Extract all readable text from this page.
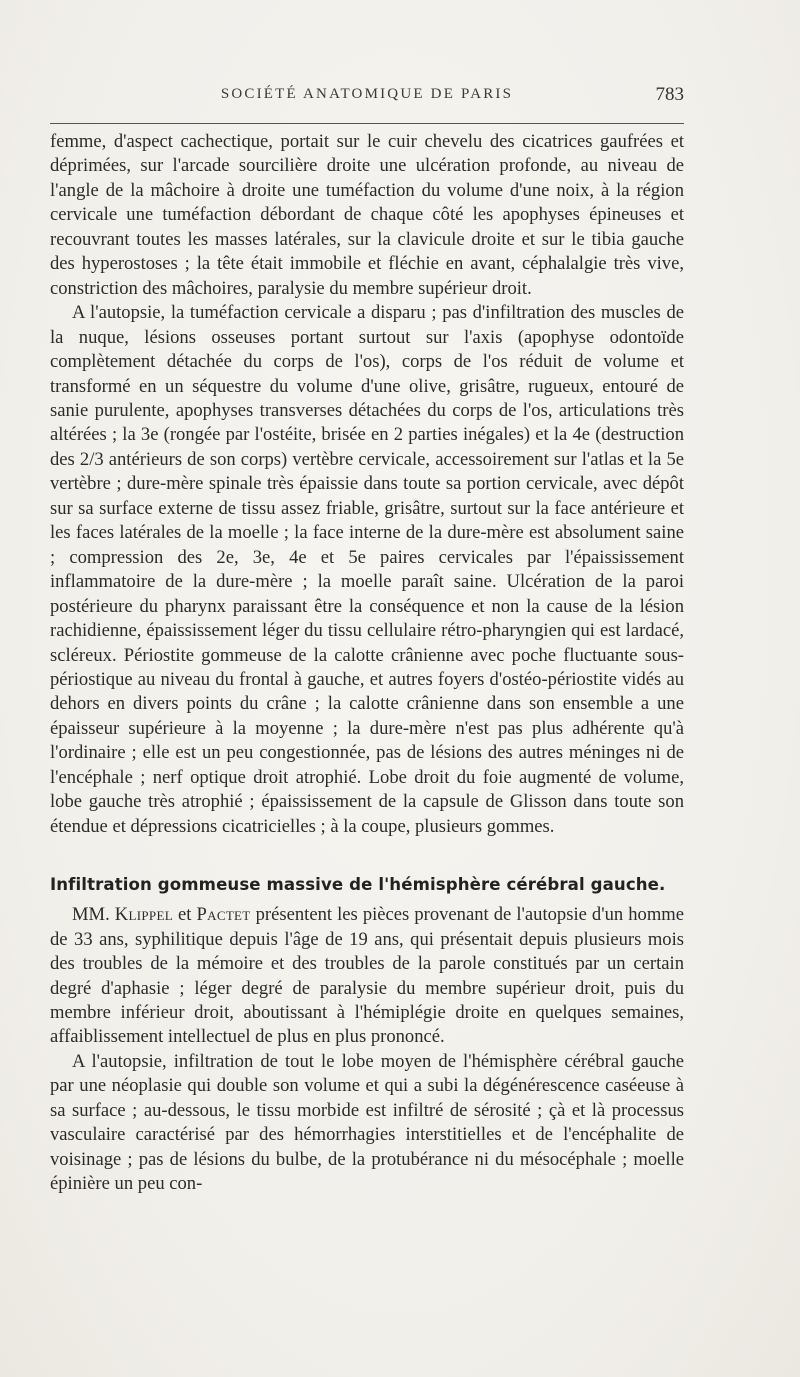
SOCIÉTÉ ANATOMIQUE DE PARIS	783

femme, d'aspect cachectique, portait sur le cuir chevelu des cicatrices gaufrées et déprimées, sur l'arcade sourcilière droite une ulcération profonde, au niveau de l'angle de la mâchoire à droite une tuméfaction du volume d'une noix, à la région cervicale une tuméfaction débordant de chaque côté les apophyses épineuses et recouvrant toutes les masses latérales, sur la clavicule droite et sur le tibia gauche des hyperostoses ; la tête était immobile et fléchie en avant, céphalalgie très vive, constriction des mâchoires, paralysie du membre supérieur droit.

A l'autopsie, la tuméfaction cervicale a disparu ; pas d'infiltration des muscles de la nuque, lésions osseuses portant surtout sur l'axis (apophyse odontoïde complètement détachée du corps de l'os), corps de l'os réduit de volume et transformé en un séquestre du volume d'une olive, grisâtre, rugueux, entouré de sanie purulente, apophyses transverses détachées du corps de l'os, articulations très altérées ; la 3e (rongée par l'ostéite, brisée en 2 parties inégales) et la 4e (destruction des 2/3 antérieurs de son corps) vertèbre cervicale, accessoirement sur l'atlas et la 5e vertèbre ; dure-mère spinale très épaissie dans toute sa portion cervicale, avec dépôt sur sa surface externe de tissu assez friable, grisâtre, surtout sur la face antérieure et les faces latérales de la moelle ; la face interne de la dure-mère est absolument saine ; compression des 2e, 3e, 4e et 5e paires cervicales par l'épaississement inflammatoire de la dure-mère ; la moelle paraît saine. Ulcération de la paroi postérieure du pharynx paraissant être la conséquence et non la cause de la lésion rachidienne, épaississement léger du tissu cellulaire rétro-pharyngien qui est lardacé, scléreux. Périostite gommeuse de la calotte crânienne avec poche fluctuante sous-périostique au niveau du frontal à gauche, et autres foyers d'ostéo-périostite vidés au dehors en divers points du crâne ; la calotte crânienne dans son ensemble a une épaisseur supérieure à la moyenne ; la dure-mère n'est pas plus adhérente qu'à l'ordinaire ; elle est un peu congestionnée, pas de lésions des autres méninges ni de l'encéphale ; nerf optique droit atrophié. Lobe droit du foie augmenté de volume, lobe gauche très atrophié ; épaississement de la capsule de Glisson dans toute son étendue et dépressions cicatricielles ; à la coupe, plusieurs gommes.

Infiltration gommeuse massive de l'hémisphère cérébral gauche.

MM. Klippel et Pactet présentent les pièces provenant de l'autopsie d'un homme de 33 ans, syphilitique depuis l'âge de 19 ans, qui présentait depuis plusieurs mois des troubles de la mémoire et des troubles de la parole constitués par un certain degré d'aphasie ; léger degré de paralysie du membre supérieur droit, puis du membre inférieur droit, aboutissant à l'hémiplégie droite en quelques semaines, affaiblissement intellectuel de plus en plus prononcé.

A l'autopsie, infiltration de tout le lobe moyen de l'hémisphère cérébral gauche par une néoplasie qui double son volume et qui a subi la dégénérescence caséeuse à sa surface ; au-dessous, le tissu morbide est infiltré de sérosité ; çà et là processus vasculaire caractérisé par des hémorrhagies interstitielles et de l'encéphalite de voisinage ; pas de lésions du bulbe, de la protubérance ni du mésocéphale ; moelle épinière un peu con-
